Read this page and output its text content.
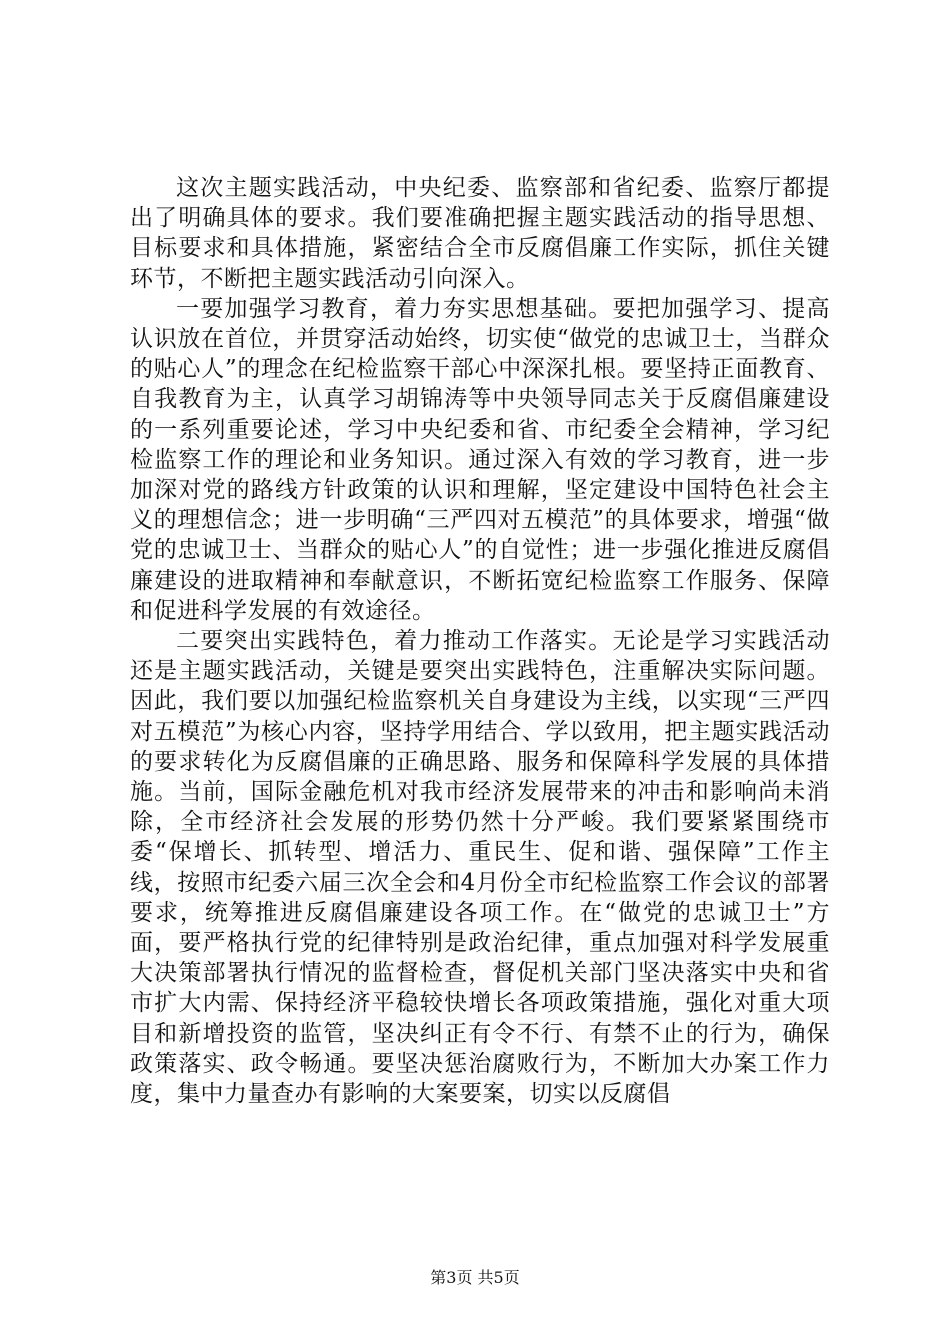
这次主题实践活动，中央纪委、监察部和省纪委、监察厅都提出了明确具体的要求。我们要准确把握主题实践活动的指导思想、目标要求和具体措施，紧密结合全市反腐倡廉工作实际，抓住关键环节，不断把主题实践活动引向深入。

一要加强学习教育，着力夯实思想基础。要把加强学习、提高认识放在首位，并贯穿活动始终，切实使“做党的忠诚卫士，当群众的贴心人”的理念在纪检监察干部心中深深扎根。要坚持正面教育、自我教育为主，认真学习胡锦涛等中央领导同志关于反腐倡廉建设的一系列重要论述，学习中央纪委和省、市纪委全会精神，学习纪检监察工作的理论和业务知识。通过深入有效的学习教育，进一步加深对党的路线方针政策的认识和理解，坚定建设中国特色社会主义的理想信念；进一步明确“三严四对五模范”的具体要求，增强“做党的忠诚卫士、当群众的贴心人”的自觉性；进一步强化推进反腐倡廉建设的进取精神和奉献意识，不断拓宽纪检监察工作服务、保障和促进科学发展的有效途径。

二要突出实践特色，着力推动工作落实。无论是学习实践活动还是主题实践活动，关键是要突出实践特色，注重解决实际问题。因此，我们要以加强纪检监察机关自身建设为主线，以实现“三严四对五模范”为核心内容，坚持学用结合、学以致用，把主题实践活动的要求转化为反腐倡廉的正确思路、服务和保障科学发展的具体措施。当前，国际金融危机对我市经济发展带来的冲击和影响尚未消除，全市经济社会发展的形势仍然十分严峻。我们要紧紧围绕市委“保增长、抓转型、增活力、重民生、促和谐、强保障”工作主线，按照市纪委六届三次全会和4月份全市纪检监察工作会议的部署要求，统筹推进反腐倡廉建设各项工作。在“做党的忠诚卫士”方面，要严格执行党的纪律特别是政治纪律，重点加强对科学发展重大决策部署执行情况的监督检查，督促机关部门坚决落实中央和省市扩大内需、保持经济平稳较快增长各项政策措施，强化对重大项目和新增投资的监管，坚决纠正有令不行、有禁不止的行为，确保政策落实、政令畅通。要坚决惩治腐败行为，不断加大办案工作力度，集中力量查办有影响的大案要案，切实以反腐倡

第3页 共5页
